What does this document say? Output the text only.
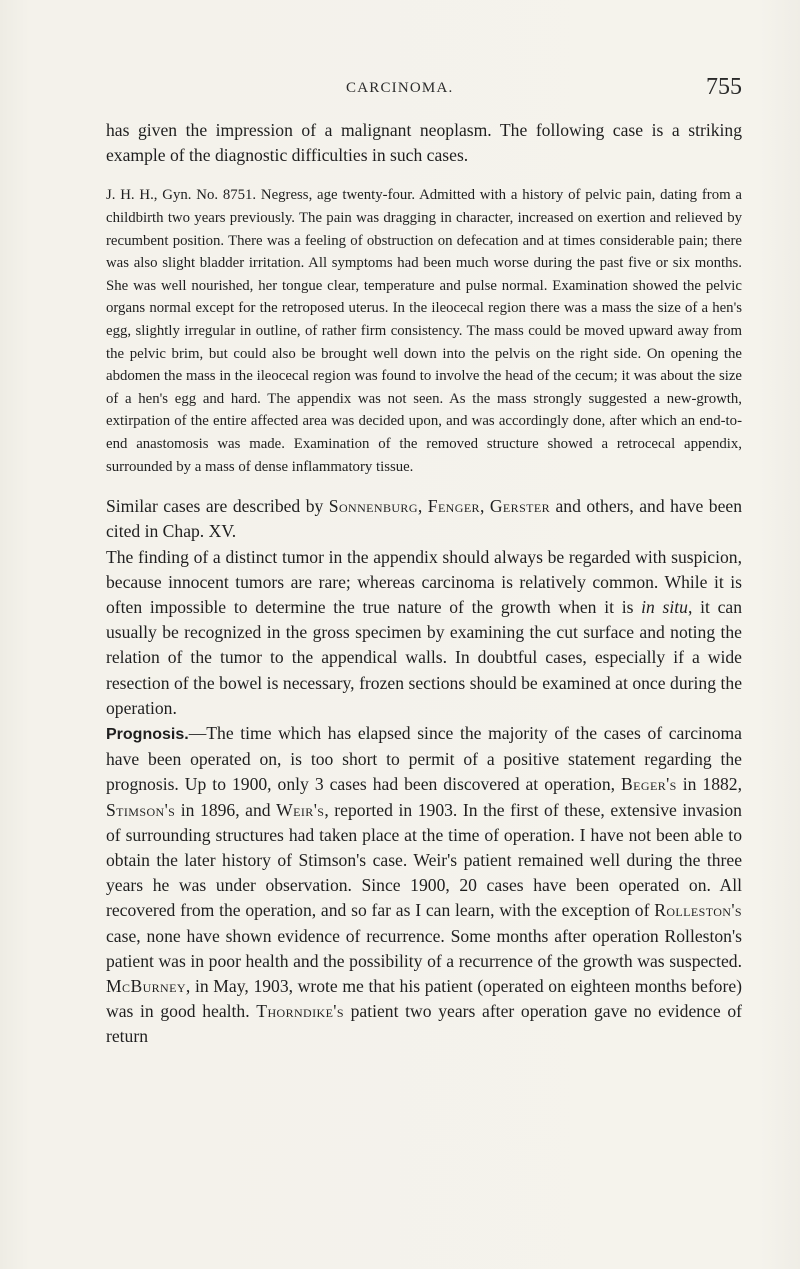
CARCINOMA.	755

has given the impression of a malignant neoplasm. The following case is a striking example of the diagnostic difficulties in such cases.

J. H. H., Gyn. No. 8751. Negress, age twenty-four. Admitted with a history of pelvic pain, dating from a childbirth two years previously. The pain was dragging in character, increased on exertion and relieved by recumbent position. There was a feeling of obstruction on defecation and at times considerable pain; there was also slight bladder irritation. All symptoms had been much worse during the past five or six months. She was well nourished, her tongue clear, temperature and pulse normal. Examination showed the pelvic organs normal except for the retroposed uterus. In the ileocecal region there was a mass the size of a hen's egg, slightly irregular in outline, of rather firm consistency. The mass could be moved upward away from the pelvic brim, but could also be brought well down into the pelvis on the right side. On opening the abdomen the mass in the ileocecal region was found to involve the head of the cecum; it was about the size of a hen's egg and hard. The appendix was not seen. As the mass strongly suggested a new-growth, extirpation of the entire affected area was decided upon, and was accordingly done, after which an end-to-end anastomosis was made. Examination of the removed structure showed a retrocecal appendix, surrounded by a mass of dense inflammatory tissue.

Similar cases are described by Sonnenburg, Fenger, Gerster and others, and have been cited in Chap. XV.

The finding of a distinct tumor in the appendix should always be regarded with suspicion, because innocent tumors are rare; whereas carcinoma is relatively common. While it is often impossible to determine the true nature of the growth when it is in situ, it can usually be recognized in the gross specimen by examining the cut surface and noting the relation of the tumor to the appendical walls. In doubtful cases, especially if a wide resection of the bowel is necessary, frozen sections should be examined at once during the operation.

Prognosis.—The time which has elapsed since the majority of the cases of carcinoma have been operated on, is too short to permit of a positive statement regarding the prognosis. Up to 1900, only 3 cases had been discovered at operation, Beger's in 1882, Stimson's in 1896, and Weir's, reported in 1903. In the first of these, extensive invasion of surrounding structures had taken place at the time of operation. I have not been able to obtain the later history of Stimson's case. Weir's patient remained well during the three years he was under observation. Since 1900, 20 cases have been operated on. All recovered from the operation, and so far as I can learn, with the exception of Rolleston's case, none have shown evidence of recurrence. Some months after operation Rolleston's patient was in poor health and the possibility of a recurrence of the growth was suspected. McBurney, in May, 1903, wrote me that his patient (operated on eighteen months before) was in good health. Thorndike's patient two years after operation gave no evidence of return
